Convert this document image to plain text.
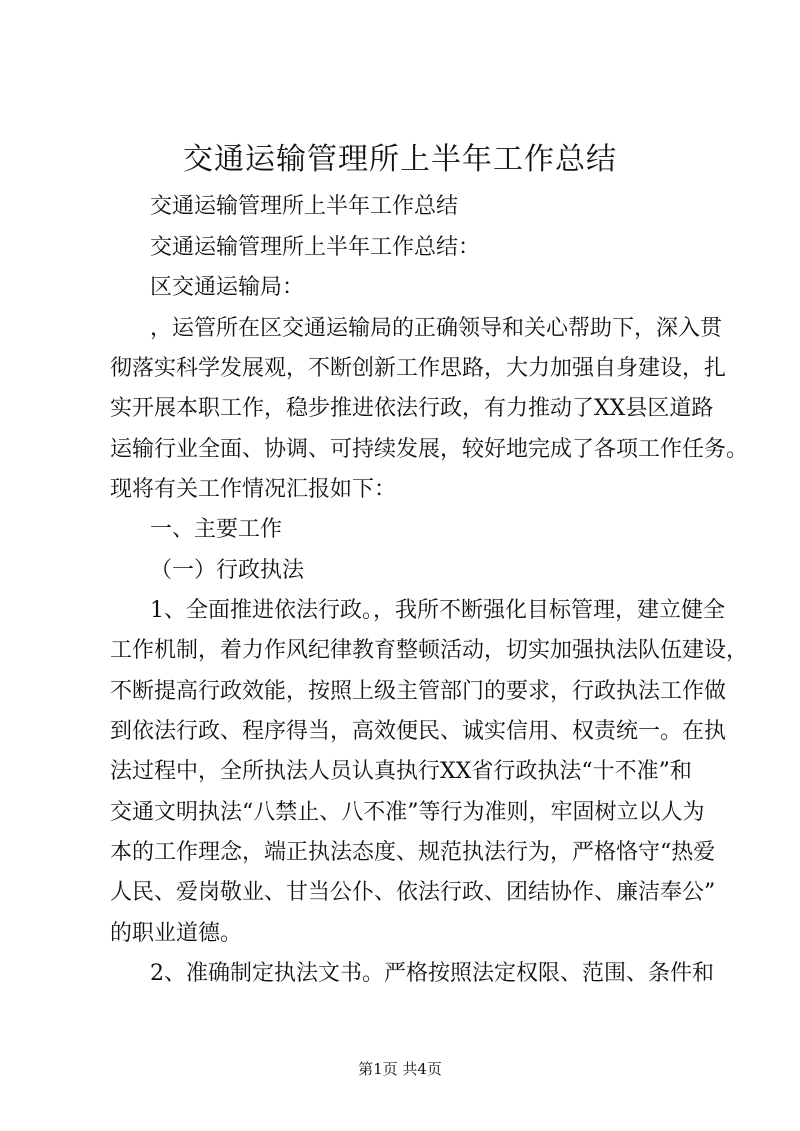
交通运输管理所上半年工作总结
交通运输管理所上半年工作总结
交通运输管理所上半年工作总结：
区交通运输局：
，运管所在区交通运输局的正确领导和关心帮助下，深入贯
彻落实科学发展观，不断创新工作思路，大力加强自身建设，扎
实开展本职工作，稳步推进依法行政，有力推动了XX县区道路
运输行业全面、协调、可持续发展，较好地完成了各项工作任务。
现将有关工作情况汇报如下：
一、主要工作
（一）行政执法
1、全面推进依法行政。，我所不断强化目标管理，建立健全
工作机制，着力作风纪律教育整顿活动，切实加强执法队伍建设，
不断提高行政效能，按照上级主管部门的要求，行政执法工作做
到依法行政、程序得当，高效便民、诚实信用、权责统一。在执
法过程中，全所执法人员认真执行XX省行政执法“十不准”和
交通文明执法“八禁止、八不准”等行为准则，牢固树立以人为
本的工作理念，端正执法态度、规范执法行为，严格恪守“热爱
人民、爱岗敬业、甘当公仆、依法行政、团结协作、廉洁奉公”
的职业道德。
2、准确制定执法文书。严格按照法定权限、范围、条件和
第1页 共4页
